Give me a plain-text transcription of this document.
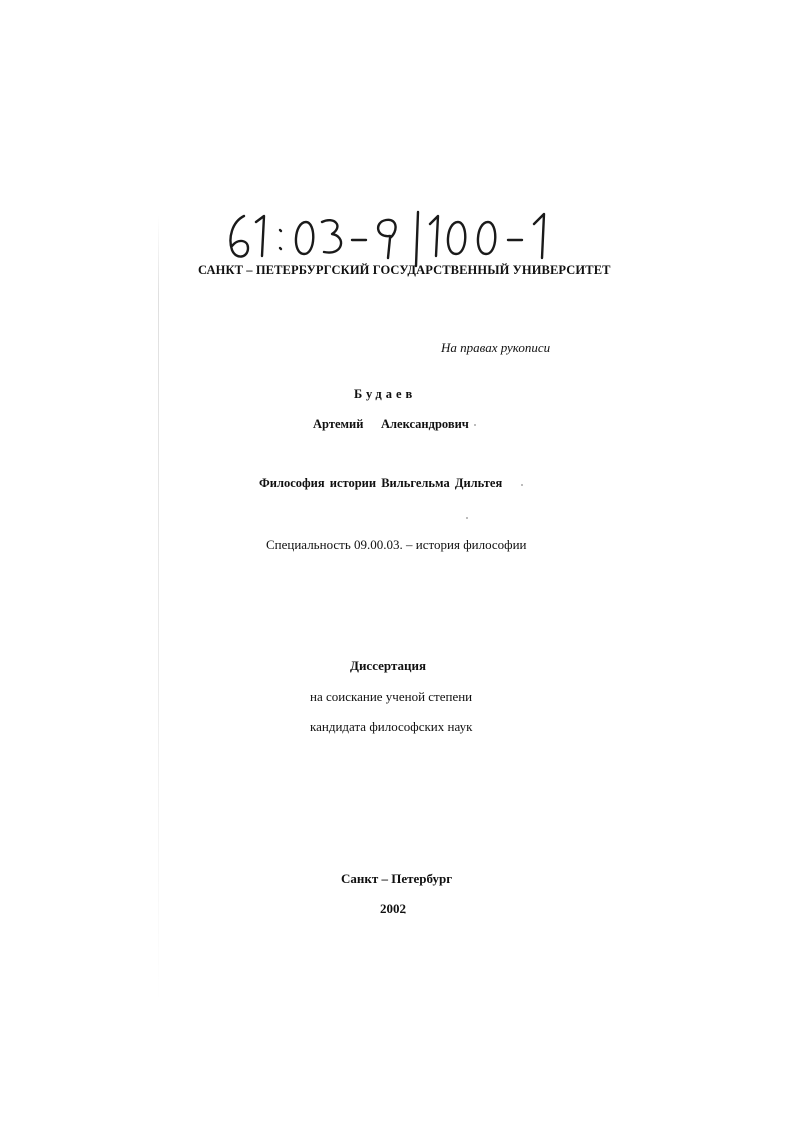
САНКТ – ПЕТЕРБУРГСКИЙ ГОСУДАРСТВЕННЫЙ УНИВЕРСИТЕТ
На правах рукописи
Будаев
Артемий Александрович
Философия истории Вильгельма Дильтея
Специальность 09.00.03. – история философии
Диссертация
на соискание ученой степени
кандидата философских наук
Санкт – Петербург
2002
